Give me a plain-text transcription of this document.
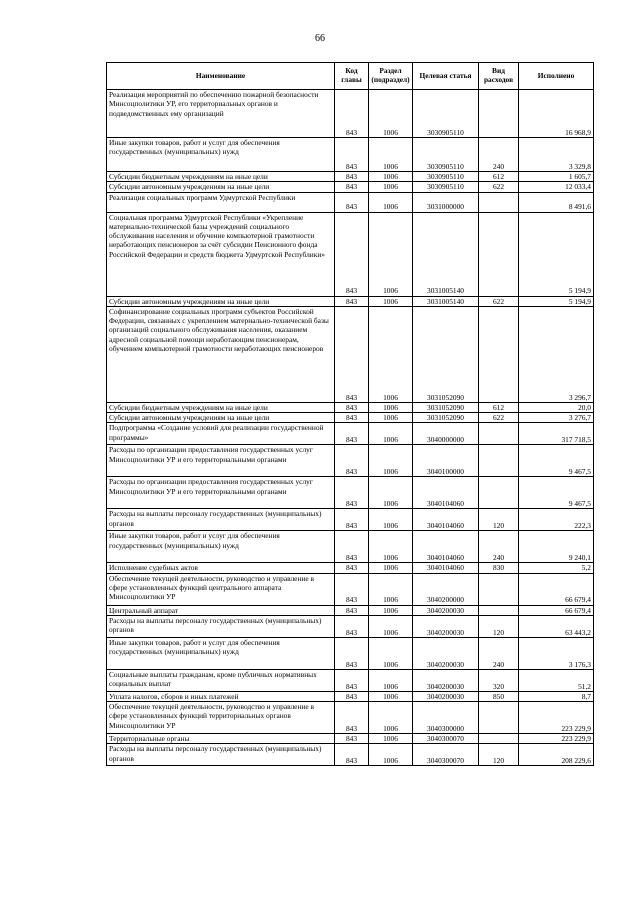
66
Наименование	Код главы	Раздел (подраздел)	Целевая статья	Вид расходов	Исполнено
Реализация мероприятий по обеспечению пожарной безопасности Минсоцполитики УР, его территориальных органов и подведомственных ему организаций	843	1006	3030905110		16 968,9
Иные закупки товаров, работ и услуг для обеспечения государственных (муниципальных) нужд	843	1006	3030905110	240	3 329,8
Субсидии бюджетным учреждениям на иные цели	843	1006	3030905110	612	1 605,7
Субсидии автономным учреждениям на иные цели	843	1006	3030905110	622	12 033,4
Реализация социальных программ Удмуртской Республики	843	1006	3031000000		8 491,6
Социальная программа Удмуртской Республики «Укрепление материально-технической базы учреждений социального обслуживания населения и обучение компьютерной грамотности неработающих пенсионеров за счёт субсидии Пенсионного фонда Российской Федерации и средств бюджета Удмуртской Республики»	843	1006	3031005140		5 194,9
Субсидии автономным учреждениям на иные цели	843	1006	3031005140	622	5 194,9
Софинансирование социальных программ субъектов Российской Федерации, связанных с укреплением материально-технической базы организаций социального обслуживания населения, оказанием адресной социальной помощи неработающим пенсионерам, обучением компьютерной грамотности неработающих пенсионеров	843	1006	3031052090		3 296,7
Субсидии бюджетным учреждениям на иные цели	843	1006	3031052090	612	20,0
Субсидии автономным учреждениям на иные цели	843	1006	3031052090	622	3 276,7
Подпрограмма «Создание условий для реализации государственной программы»	843	1006	3040000000		317 718,5
Расходы по организации предоставления государственных услуг Минсоцполитики УР и его территориальными органами	843	1006	3040100000		9 467,5
Расходы по организации предоставления государственных услуг Минсоцполитики УР и его территориальными органами	843	1006	3040104060		9 467,5
Расходы на выплаты персоналу государственных (муниципальных) органов	843	1006	3040104060	120	222,3
Иные закупки товаров, работ и услуг для обеспечения государственных (муниципальных) нужд	843	1006	3040104060	240	9 240,1
Исполнение судебных актов	843	1006	3040104060	830	5,2
Обеспечение текущей деятельности, руководство и управление в сфере установленных функций центрального аппарата Минсоцполитики УР	843	1006	3040200000		66 679,4
Центральный аппарат	843	1006	3040200030		66 679,4
Расходы на выплаты персоналу государственных (муниципальных) органов	843	1006	3040200030	120	63 443,2
Иные закупки товаров, работ и услуг для обеспечения государственных (муниципальных) нужд	843	1006	3040200030	240	3 176,3
Социальные выплаты гражданам, кроме публичных нормативных социальных выплат	843	1006	3040200030	320	51,2
Уплата налогов, сборов и иных платежей	843	1006	3040200030	850	8,7
Обеспечение текущей деятельности, руководство и управление в сфере установленных функций территориальных органов Минсоцполитики УР	843	1006	3040300000		223 229,9
Территориальные органы	843	1006	3040300070		223 229,9
Расходы на выплаты персоналу государственных (муниципальных) органов	843	1006	3040300070	120	208 229,6
